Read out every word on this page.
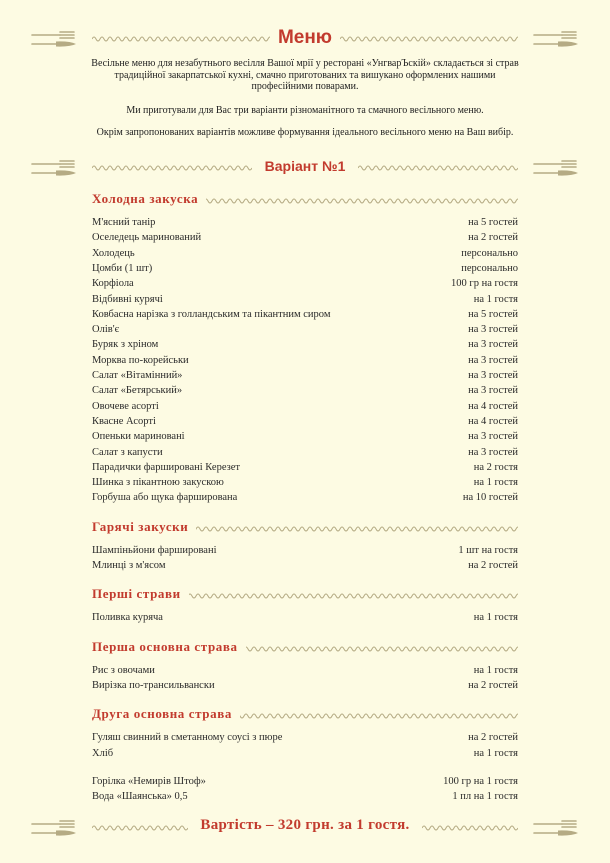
Меню
Весільне меню для незабутнього весілля Вашої мрії у ресторані «УнгварЪскій» складається зі страв традиційної закарпатської кухні, смачно приготованих та вишукано оформлених нашими професійними поварами.
Ми приготували для Вас три варіанти різноманітного та смачного весільного меню.
Окрім запропонованих варіантів можливе формування ідеального весільного меню на Ваш вибір.
Варіант №1
Холодна закуска
М'ясний танір	на 5 гостей
Оселедець маринований	на 2 гостей
Холодець	персонально
Цомби (1 шт)	персонально
Корфіола	100 гр на гостя
Відбивні курячі	на 1 гостя
Ковбасна нарізка з голландським та пікантним сиром	на 5 гостей
Олів'є	на 3 гостей
Буряк з хріном	на 3 гостей
Морква по-корейськи	на 3 гостей
Салат «Вітамінний»	на 3 гостей
Салат «Бетярський»	на 3 гостей
Овочеве асорті	на 4 гостей
Квасне Асорті	на 4 гостей
Опеньки мариновані	на 3 гостей
Салат з капусти	на 3 гостей
Парадички фаршировані Керезет	на 2 гостя
Шинка з пікантною закускою	на 1 гостя
Горбуша або щука фарширована	на 10 гостей
Гарячі закуски
Шампіньйони фаршировані	1 шт на гостя
Млинці з м'ясом	на 2 гостей
Перші страви
Поливка куряча	на 1 гостя
Перша основна страва
Рис з овочами	на 1 гостя
Вирізка по-трансильвански	на 2 гостей
Друга основна страва
Гуляш свинний в сметанному соусі з пюре	на 2 гостей
Хліб	на 1 гостя
Горілка «Немирів Штоф»	100 гр на 1 гостя
Вода «Шаянська» 0,5	1 пл на 1 гостя
Вартість – 320 грн. за 1 гостя.
